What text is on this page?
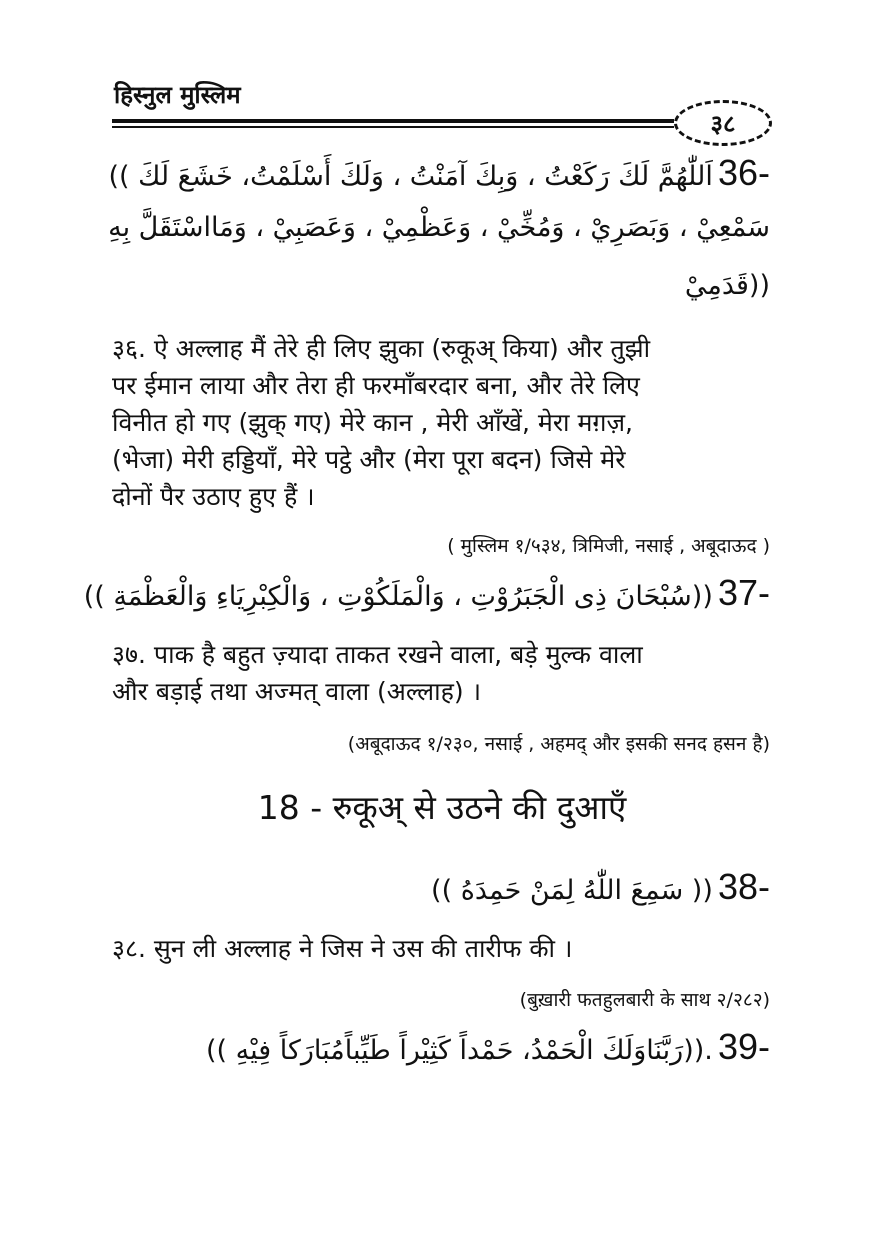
हिस्नुल मुस्लिम
३८
(( اَللّٰهُمَّ لَكَ رَكَعْتُ ، وَبِكَ آمَنْتُ ، وَلَكَ أَسْلَمْتُ، خَشَعَ لَكَ 36-
سَمْعِيْ ، وَبَصَرِيْ ، وَمُخِّيْ ، وَعَظْمِيْ ، وَعَصَبِيْ ، وَمَااسْتَقَلَّ بِهِ
قَدَمِيْ))
३६. ऐ अल्लाह मैं तेरे ही लिए झुका (रुकूअ् किया) और तुझी
पर ईमान लाया और तेरा ही फरमाँबरदार बना, और तेरे लिए
विनीत हो गए (झुक् गए) मेरे कान , मेरी आँखें, मेरा मग़ज़,
(भेजा) मेरी हड्डियाँ, मेरे पट्ठे और (मेरा पूरा बदन) जिसे मेरे
दोनों पैर उठाए हुए हैं ।
( मुस्लिम १/५३४, त्रिमिजी, नसाई , अबूदाऊद )
(( سُبْحَانَ ذِى الْجَبَرُوْتِ ، وَالْمَلَكُوْتِ ، وَالْكِبْرِيَاءِ وَالْعَظْمَةِ)) 37-
३७. पाक है बहुत ज़्यादा ताकत रखने वाला, बड़े मुल्क वाला
और बड़ाई तथा अज्मत् वाला (अल्लाह) ।
(अबूदाऊद १/२३०, नसाई , अहमद् और इसकी सनद हसन है)
18 - रुकूअ् से उठने की दुआएँ
(( سَمِعَ اللّٰهُ لِمَنْ حَمِدَهُ )) 38-
३८. सुन ली अल्लाह ने जिस ने उस की तारीफ की ।
(बुख़ारी फतहुलबारी के साथ २/२८२)
(( رَبَّنَاوَلَكَ الْحَمْدُ، حَمْداً كَثِيْراً طَيِّباًمُبَارَكاً فِيْهِ)). 39-
